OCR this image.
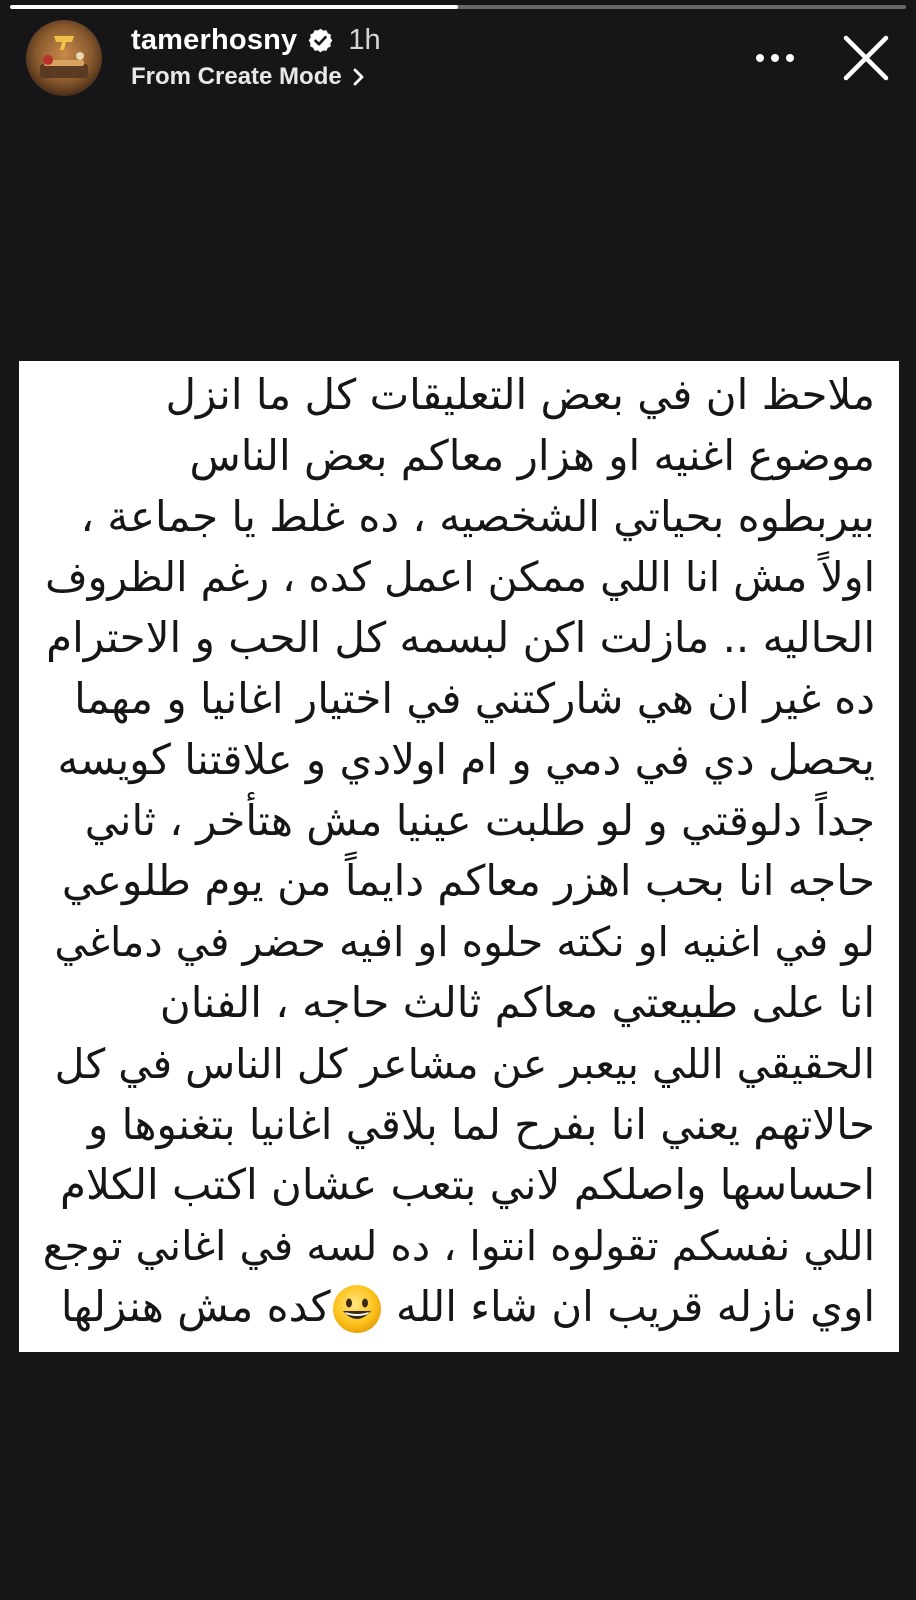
tamerhosny 1h
From Create Mode
ملاحظ ان في بعض التعليقات كل ما انزل
موضوع اغنيه او هزار معاكم بعض الناس
بيربطوه بحياتي الشخصيه ، ده غلط يا جماعة ،
اولاً مش انا اللي ممكن اعمل كده ، رغم الظروف
الحاليه .. مازلت اكن لبسمه كل الحب و الاحترام
ده غير ان هي شاركتني في اختيار اغانيا و مهما
يحصل دي في دمي و ام اولادي و علاقتنا كويسه
جداً دلوقتي و لو طلبت عينيا مش هتأخر ، ثاني
حاجه انا بحب اهزر معاكم دايماً من يوم طلوعي
لو في اغنيه او نكته حلوه او افيه حضر في دماغي
انا على طبيعتي معاكم ثالث حاجه ، الفنان
الحقيقي اللي بيعبر عن مشاعر كل الناس في كل
حالاتهم يعني انا بفرح لما بلاقي اغانيا بتغنوها و
احساسها واصلكم لاني بتعب عشان اكتب الكلام
اللي نفسكم تقولوه انتوا ، ده لسه في اغاني توجع
اوي نازله قريب ان شاء الله كده مش هنزلها
